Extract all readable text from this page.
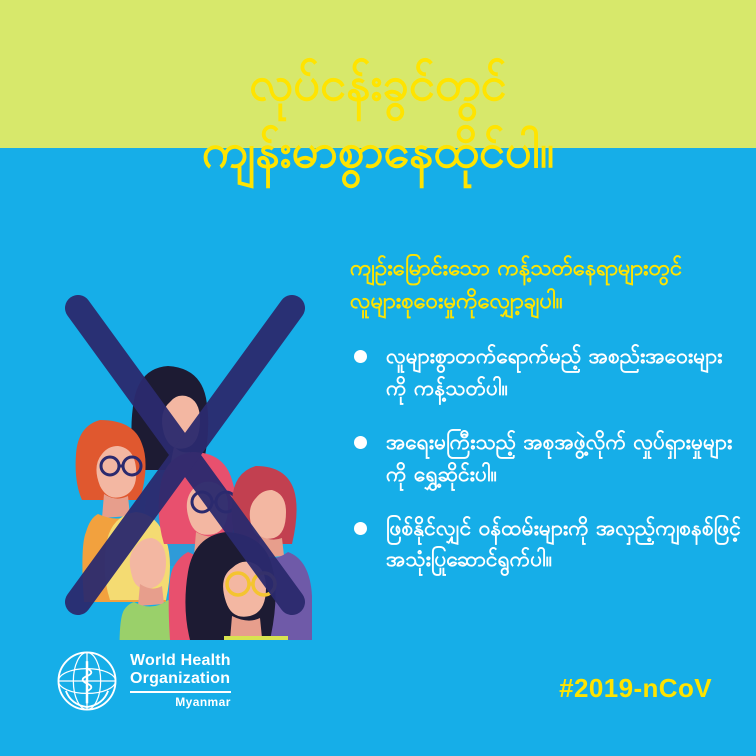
လုပ်ငန်းခွင်တွင်
ကျန်းမာစွာနေထိုင်ပါ။

ကျဉ်းမြောင်းသော ကန့်သတ်နေရာများတွင် လူများစုဝေးမှုကိုလျှော့ချပါ။

လူများစွာတက်ရောက်မည့် အစည်းအဝေးများကို ကန့်သတ်ပါ။
အရေးမကြီးသည့် အစုအဖွဲ့လိုက် လှုပ်ရှားမှုများကို ရွှေ့ဆိုင်းပါ။
ဖြစ်နိုင်လျှင် ဝန်ထမ်းများကို အလှည့်ကျစနစ်ဖြင့် အသုံးပြုဆောင်ရွက်ပါ။
World Health
Organization
Myanmar	#2019-nCoV
